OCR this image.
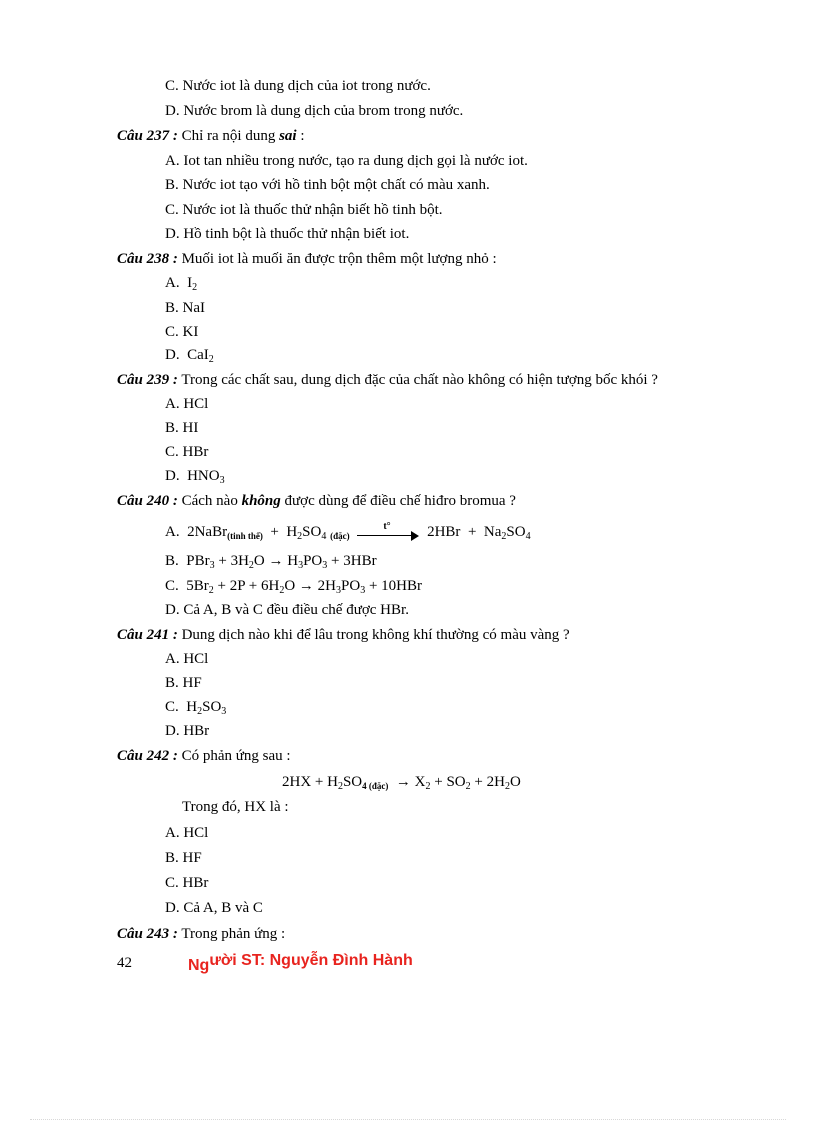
C. Nước iot là dung dịch của iot trong nước.
D. Nước brom là dung dịch của brom trong nước.
Câu 237 : Chỉ ra nội dung sai :
A. Iot tan nhiều trong nước, tạo ra dung dịch gọi là nước iot.
B. Nước iot tạo với hồ tinh bột một chất có màu xanh.
C. Nước iot là thuốc thử nhận biết hồ tinh bột.
D. Hồ tinh bột là thuốc thử nhận biết iot.
Câu 238 : Muối iot là muối ăn được trộn thêm một lượng nhỏ :
A. $I_2$
B. NaI
C. KI
D. CaI$_2$
Câu 239 : Trong các chất sau, dung dịch đặc của chất nào không có hiện tượng bốc khói ?
A. HCl
B. HI
C. HBr
D. $HNO_3$
Câu 240 : Cách nào không được dùng để điều chế hiđro bromua ?
A. 2NaBr$_{(tinh thể)}$ + $H_2SO_4$ $_{(đặc)}$
t° $2HBr + Na_2SO_4$
B. $PBr_3 + 3H_2O \to H_3PO_3 + 3HBr$
C. $5Br_2 + 2P + 6H_2O \to 2H_3PO_3 + 10HBr$
D. Cả A, B và C đều điều chế được HBr.
Câu 241 : Dung dịch nào khi để lâu trong không khí thường có màu vàng ?
A. HCl
B. HF
C. $H_2SO_3$
D. HBr
Câu 242 : Có phản ứng sau :
$2HX + H_2SO_{4 (đặc)} \to X_2 + SO_2 + 2H_2O$
Trong đó, HX là :
A. HCl
B. HF
C. HBr
D. Cả A, B và C
Câu 243 : Trong phản ứng :
42	Người ST: Nguyễn Đình Hành
